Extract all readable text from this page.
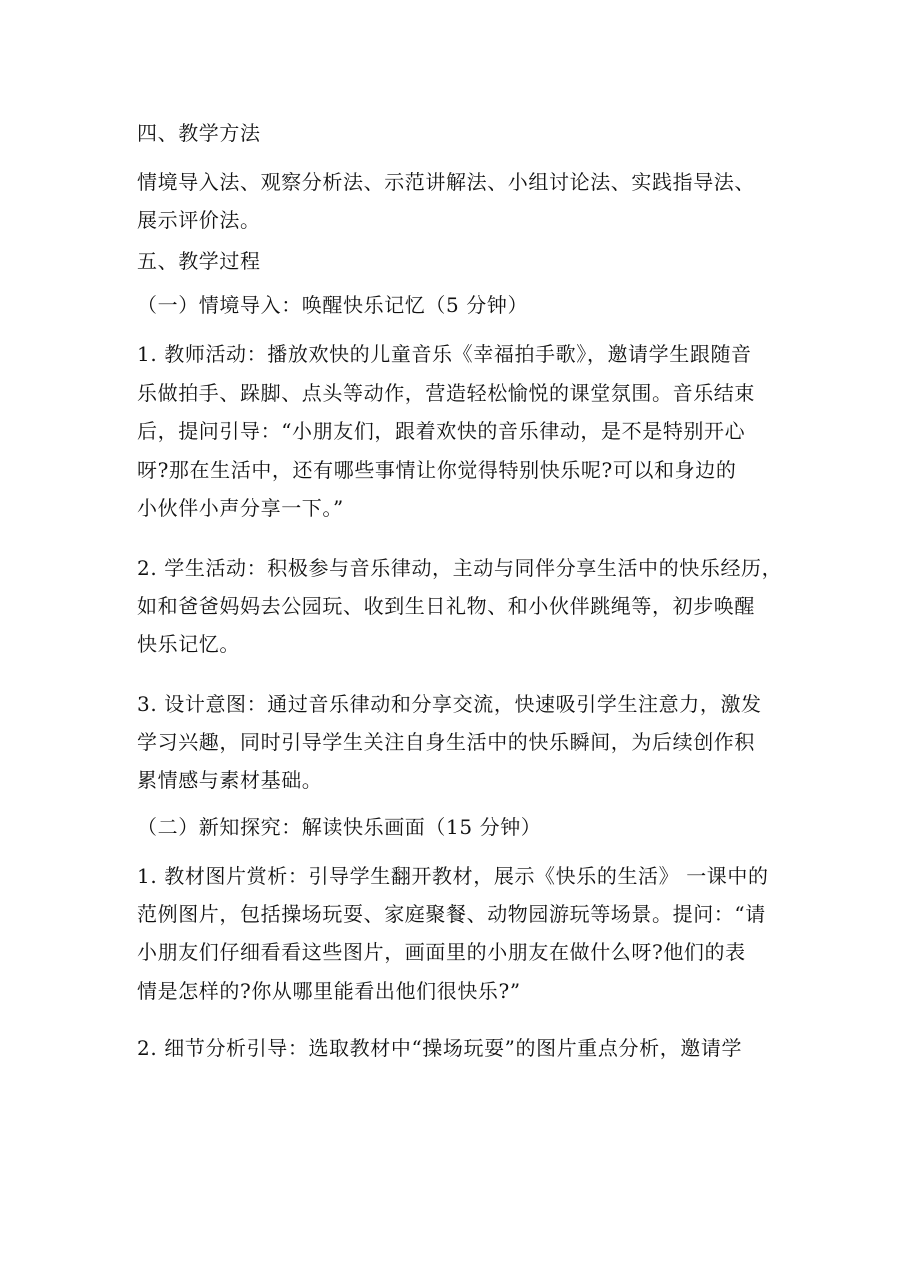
四、教学方法
情境导入法、观察分析法、示范讲解法、小组讨论法、实践指导法、
展示评价法。
五、教学过程
（一）情境导入：唤醒快乐记忆（5 分钟）
1. 教师活动：播放欢快的儿童音乐《幸福拍手歌》，邀请学生跟随音
乐做拍手、跺脚、点头等动作，营造轻松愉悦的课堂氛围。音乐结束
后，提问引导：“小朋友们，跟着欢快的音乐律动，是不是特别开心
呀?那在生活中，还有哪些事情让你觉得特别快乐呢?可以和身边的
小伙伴小声分享一下。”
2. 学生活动：积极参与音乐律动，主动与同伴分享生活中的快乐经历，
如和爸爸妈妈去公园玩、收到生日礼物、和小伙伴跳绳等，初步唤醒
快乐记忆。
3. 设计意图：通过音乐律动和分享交流，快速吸引学生注意力，激发
学习兴趣，同时引导学生关注自身生活中的快乐瞬间，为后续创作积
累情感与素材基础。
（二）新知探究：解读快乐画面（15 分钟）
1. 教材图片赏析：引导学生翻开教材，展示《快乐的生活》 一课中的
范例图片，包括操场玩耍、家庭聚餐、动物园游玩等场景。提问：“请
小朋友们仔细看看这些图片，画面里的小朋友在做什么呀?他们的表
情是怎样的?你从哪里能看出他们很快乐?”
2. 细节分析引导：选取教材中“操场玩耍”的图片重点分析，邀请学
